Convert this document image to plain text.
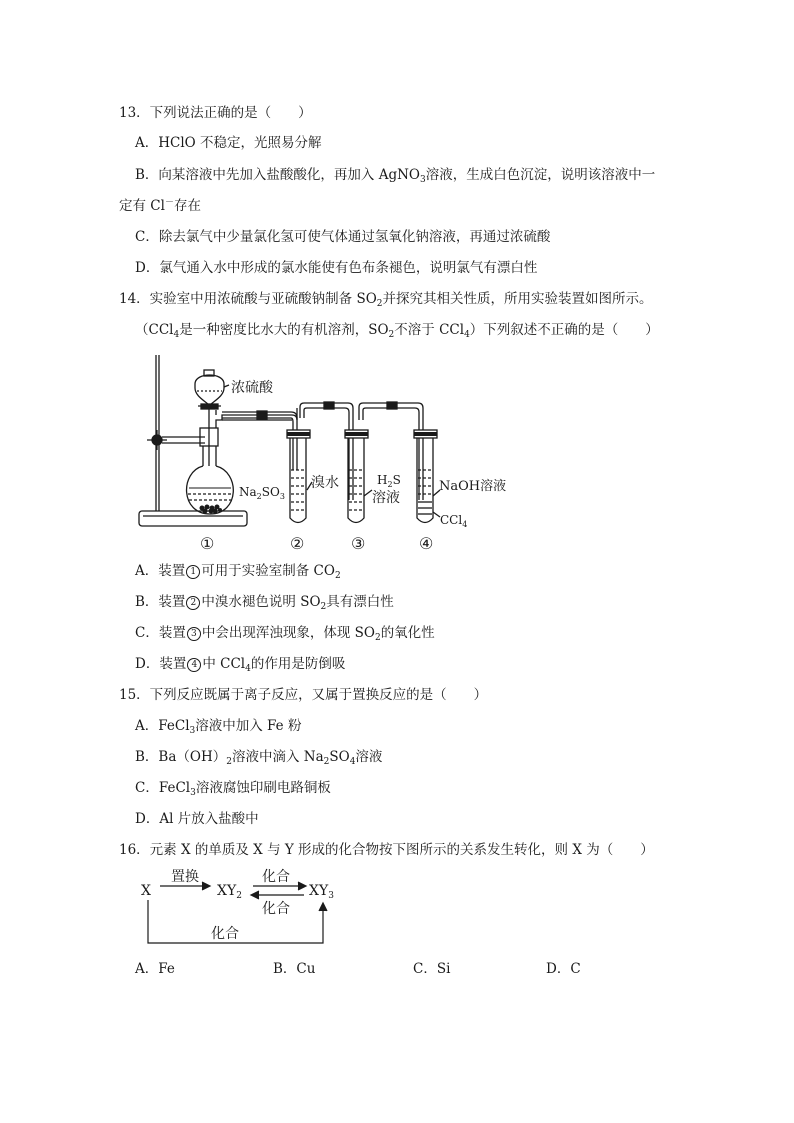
13．下列说法正确的是（　　）
A．HClO 不稳定，光照易分解
B．向某溶液中先加入盐酸酸化，再加入 AgNO$_3$溶液，生成白色沉淀，说明该溶液中一
定有 Cl－存在
C．除去氯气中少量氯化氢可使气体通过氢氧化钠溶液，再通过浓硫酸
D．氯气通入水中形成的氯水能使有色布条褪色，说明氯气有漂白性
14．实验室中用浓硫酸与亚硫酸钠制备 $SO_2$并探究其相关性质，所用实验装置如图所示。
（CCl$_4$是一种密度比水大的有机溶剂，$SO_2$不溶于 CCl$_4$）下列叙述不正确的是（　　）
浓硫酸
$Na_2SO_3$
溴水	$H_2S$
溶液
NaOH溶液
CCl$_4$
①	②	③	④
A．装置 1 可用于实验室制备 $CO_2$
B．装置 2 中溴水褪色说明 $SO_2$具有漂白性
C．装置 3 中会出现浑浊现象，体现 $SO_2$的氧化性
D．装置 4 中 CCl$_4$的作用是防倒吸
15．下列反应既属于离子反应，又属于置换反应的是（　　）
A．FeCl$_3$溶液中加入 Fe 粉
B．$Ba(OH)_2$溶液中滴入 $Na_2SO_4$溶液
C．FeCl$_3$溶液腐蚀印刷电路铜板
D．Al 片放入盐酸中
16．元素 X 的单质及 X 与 Y 形成的化合物按下图所示的关系发生转化，则 X 为（　　）
X
置换
$XY_2$
化合
化合
$XY_3$
化合
A．Fe	B．Cu	C．Si	D．C
